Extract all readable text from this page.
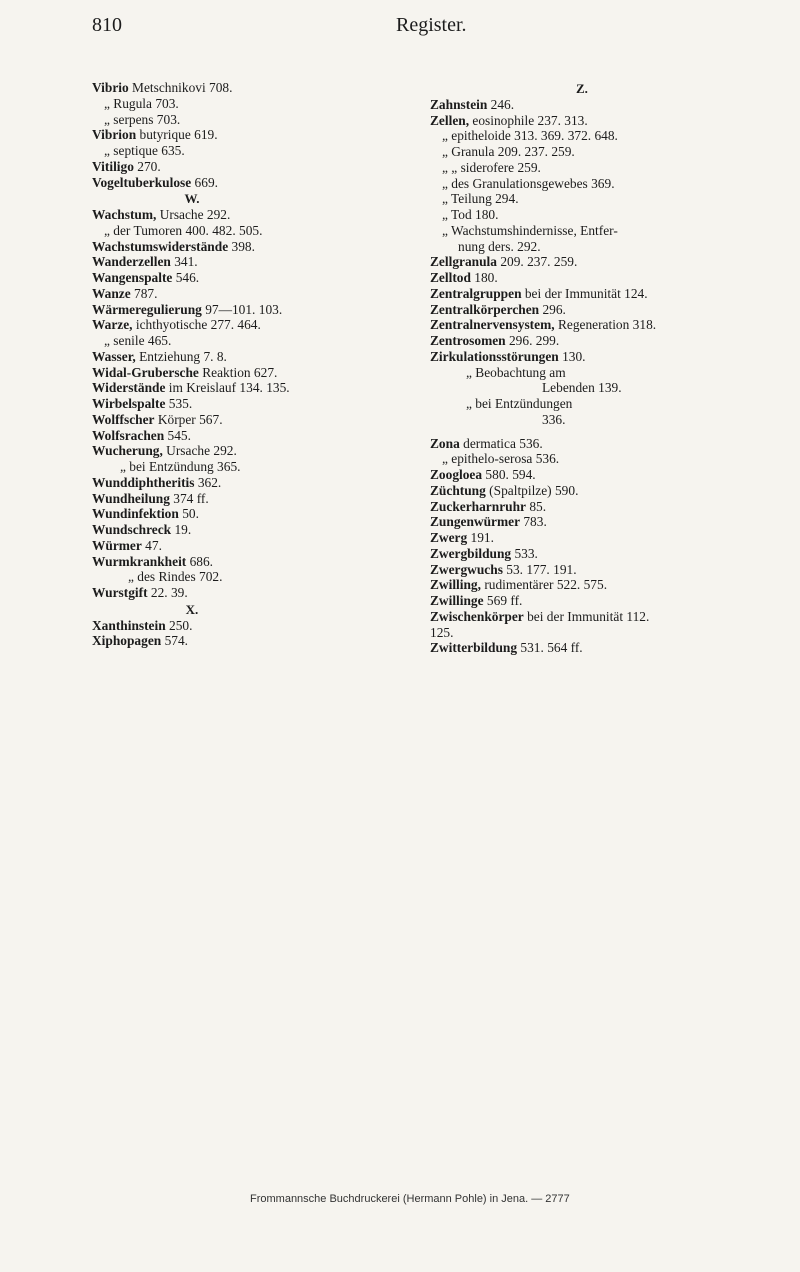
810	Register.
Vibrio Metschnikovi 708.
„ Rugula 703.
„ serpens 703.
Vibrion butyrique 619.
„ septique 635.
Vitiligo 270.
Vogeltuberkulose 669.
W.
Wachstum, Ursache 292.
„ der Tumoren 400. 482. 505.
Wachstumswiderstände 398.
Wanderzellen 341.
Wangenspalte 546.
Wanze 787.
Wärmeregulierung 97—101. 103.
Warze, ichthyotische 277. 464.
„ senile 465.
Wasser, Entziehung 7. 8.
Widal-Grubersche Reaktion 627.
Widerstände im Kreislauf 134. 135.
Wirbelspalte 535.
Wolffscher Körper 567.
Wolfsrachen 545.
Wucherung, Ursache 292.
„ bei Entzündung 365.
Wunddiphtheritis 362.
Wundheilung 374 ff.
Wundinfektion 50.
Wundschreck 19.
Würmer 47.
Wurmkrankheit 686.
„ des Rindes 702.
Wurstgift 22. 39.
X.
Xanthinstein 250.
Xiphopagen 574.
Z.
Zahnstein 246.
Zellen, eosinophile 237. 313.
„ epitheloide 313. 369. 372. 648.
„ Granula 209. 237. 259.
„ „ siderofere 259.
„ des Granulationsgewebes 369.
„ Teilung 294.
„ Tod 180.
„ Wachstumshindernisse, Entfer-
nung ders. 292.
Zellgranula 209. 237. 259.
Zelltod 180.
Zentralgruppen bei der Immunität 124.
Zentralkörperchen 296.
Zentralnervensystem, Regeneration 318.
Zentrosomen 296. 299.
Zirkulationsstörungen 130.
„ Beobachtung am
Lebenden 139.
„ bei Entzündungen
336.
Zona dermatica 536.
„ epithelo-serosa 536.
Zoogloea 580. 594.
Züchtung (Spaltpilze) 590.
Zuckerharnruhr 85.
Zungenwürmer 783.
Zwerg 191.
Zwergbildung 533.
Zwergwuchs 53. 177. 191.
Zwilling, rudimentärer 522. 575.
Zwillinge 569 ff.
Zwischenkörper bei der Immunität 112.
125.
Zwitterbildung 531. 564 ff.
Frommannsche Buchdruckerei (Hermann Pohle) in Jena. — 2777
